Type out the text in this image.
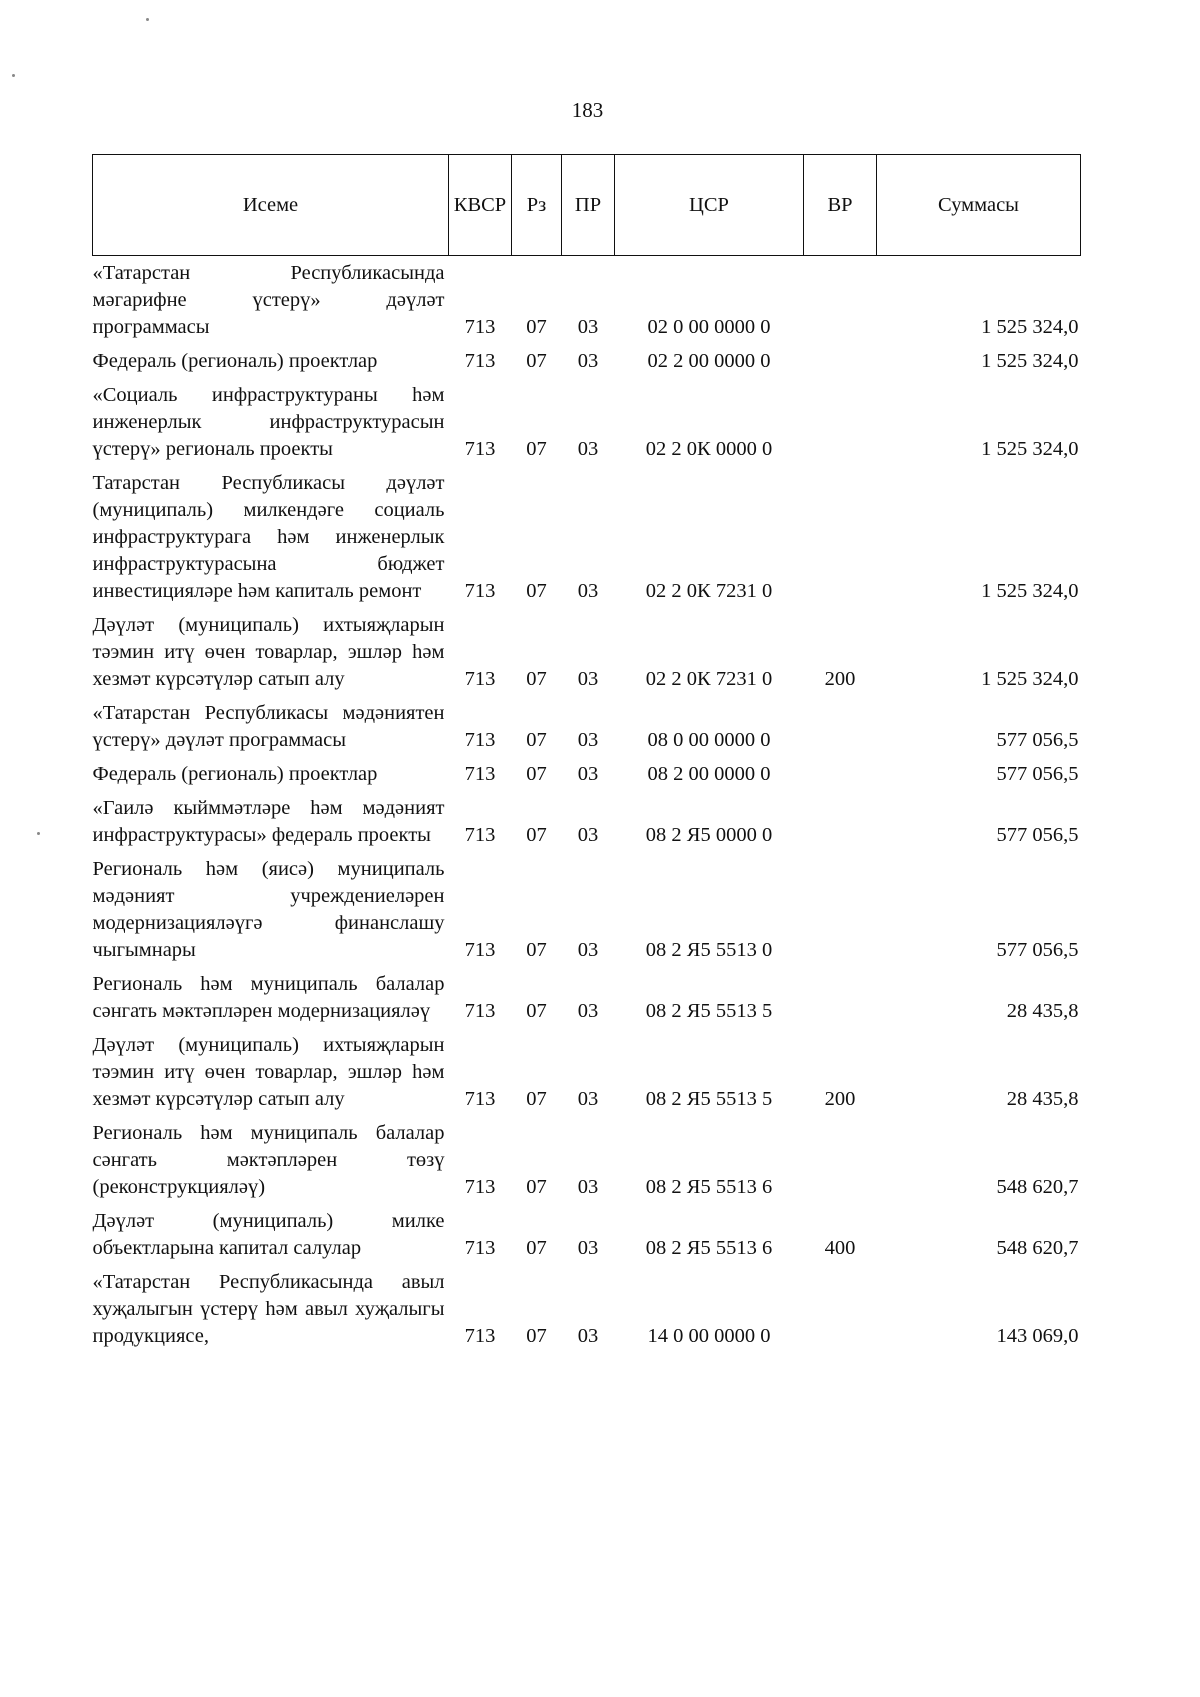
183
Исеме	КВСР	Рз	ПР	ЦСР	ВР	Суммасы
«Татарстан Республикасында мәгарифне үстерү» дәүләт программасы	713	07	03	02 0 00 0000 0		1 525 324,0
Федераль (региональ) проектлар	713	07	03	02 2 00 0000 0		1 525 324,0
«Социаль инфраструктураны һәм инженерлык инфраструктурасын үстерү» региональ проекты	713	07	03	02 2 0К 0000 0		1 525 324,0
Татарстан Республикасы дәүләт (муниципаль) милкендәге социаль инфраструктурага һәм инженерлык инфраструктурасына бюджет инвестицияләре һәм капиталь ремонт	713	07	03	02 2 0К 7231 0		1 525 324,0
Дәүләт (муниципаль) ихтыяҗларын тәэмин итү өчен товарлар, эшләр һәм хезмәт күрсәтүләр сатып алу	713	07	03	02 2 0К 7231 0	200	1 525 324,0
«Татарстан Республикасы мәдәниятен үстерү» дәүләт программасы	713	07	03	08 0 00 0000 0		577 056,5
Федераль (региональ) проектлар	713	07	03	08 2 00 0000 0		577 056,5
«Гаилә кыйммәтләре һәм мәдәният инфраструктурасы» федераль проекты	713	07	03	08 2 Я5 0000 0		577 056,5
Региональ һәм (яисә) муниципаль мәдәният учреждениеләрен модернизацияләүгә финанслашу чыгымнары	713	07	03	08 2 Я5 5513 0		577 056,5
Региональ һәм муниципаль балалар сәнгать мәктәпләрен модернизацияләү	713	07	03	08 2 Я5 5513 5		28 435,8
Дәүләт (муниципаль) ихтыяҗларын тәэмин итү өчен товарлар, эшләр һәм хезмәт күрсәтүләр сатып алу	713	07	03	08 2 Я5 5513 5	200	28 435,8
Региональ һәм муниципаль балалар сәнгать мәктәпләрен төзү (реконструкцияләү)	713	07	03	08 2 Я5 5513 6		548 620,7
Дәүләт (муниципаль) милке объектларына капитал салулар	713	07	03	08 2 Я5 5513 6	400	548 620,7
«Татарстан Республикасында авыл хуҗалыгын үстерү һәм авыл хуҗалыгы продукциясе,	713	07	03	14 0 00 0000 0		143 069,0
